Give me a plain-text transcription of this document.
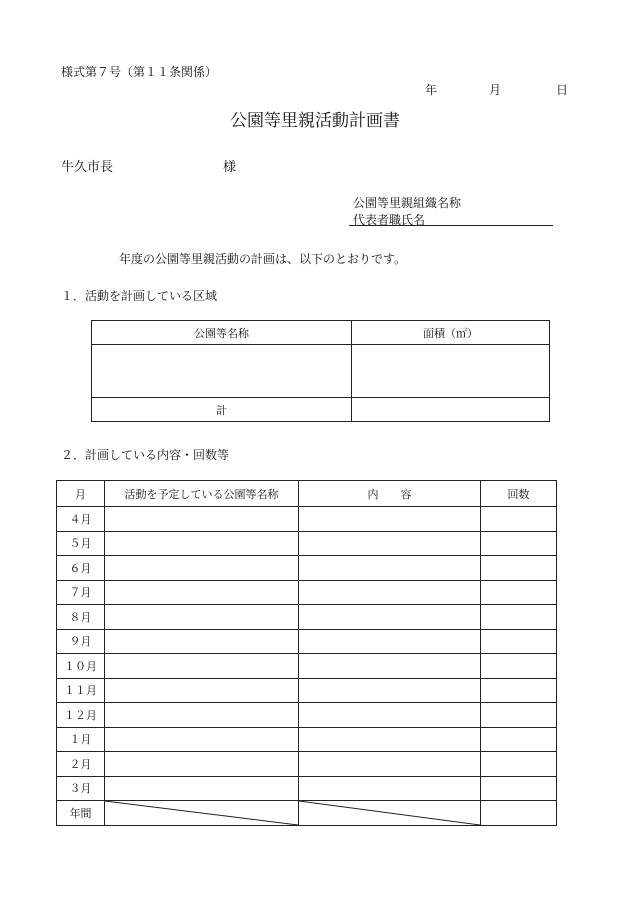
様式第７号（第１１条関係）
年	月	日
公園等里親活動計画書
牛久市長	様
公園等里親組織名称
代表者職氏名
年度の公園等里親活動の計画は、以下のとおりです。
１．活動を計画している区域
公園等名称	面積（㎡）

計	
２．計画している内容・回数等
月	活動を予定している公園等名称	内　　容	回数
４月			
５月			
６月			
７月			
８月			
９月			
１０月			
１１月			
１２月			
１月			
２月			
３月			
年間	
